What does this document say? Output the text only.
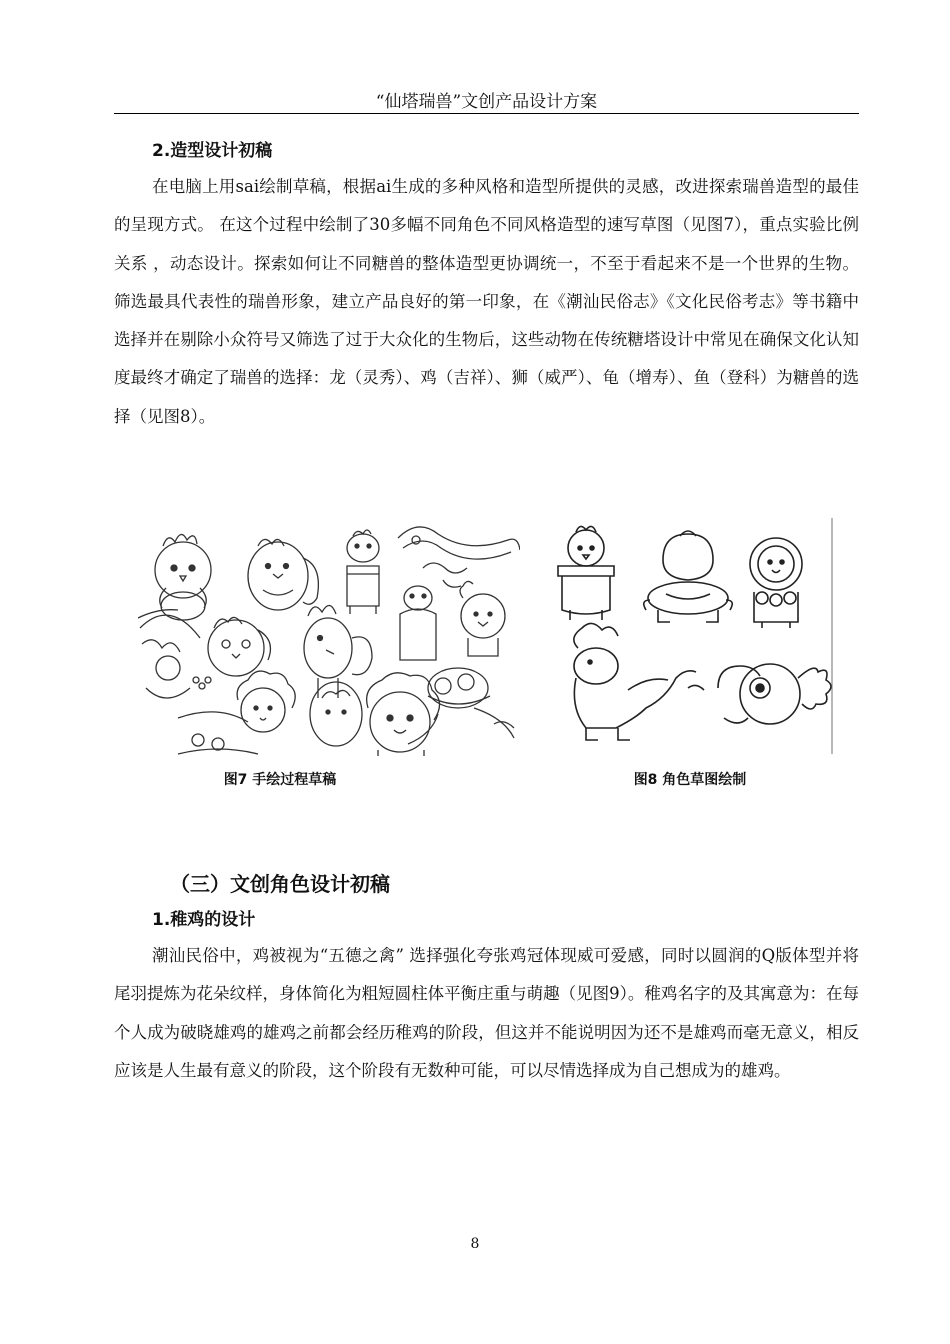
“仙塔瑞兽”文创产品设计方案
2.造型设计初稿

在电脑上用sai绘制草稿，根据ai生成的多种风格和造型所提供的灵感，改进探索瑞兽造型的最佳的呈现方式。 在这个过程中绘制了30多幅不同角色不同风格造型的速写草图（见图7），重点实验比例关系 ，动态设计。探索如何让不同糖兽的整体造型更协调统一，不至于看起来不是一个世界的生物。筛选最具代表性的瑞兽形象，建立产品良好的第一印象，在《潮汕民俗志》《文化民俗考志》等书籍中选择并在剔除小众符号又筛选了过于大众化的生物后，这些动物在传统糖塔设计中常见在确保文化认知度最终才确定了瑞兽的选择：龙（灵秀）、鸡（吉祥）、狮（威严）、龟（增寿）、鱼（登科）为糖兽的选择（见图8）。

图7 手绘过程草稿	图8 角色草图绘制
（三）文创角色设计初稿
1.稚鸡的设计

潮汕民俗中，鸡被视为“五德之禽” 选择强化夸张鸡冠体现威可爱感，同时以圆润的Q版体型并将尾羽提炼为花朵纹样，身体简化为粗短圆柱体平衡庄重与萌趣（见图9）。稚鸡名字的及其寓意为：在每个人成为破晓雄鸡的雄鸡之前都会经历稚鸡的阶段，但这并不能说明因为还不是雄鸡而毫无意义，相反应该是人生最有意义的阶段，这个阶段有无数种可能，可以尽情选择成为自己想成为的雄鸡。

8
